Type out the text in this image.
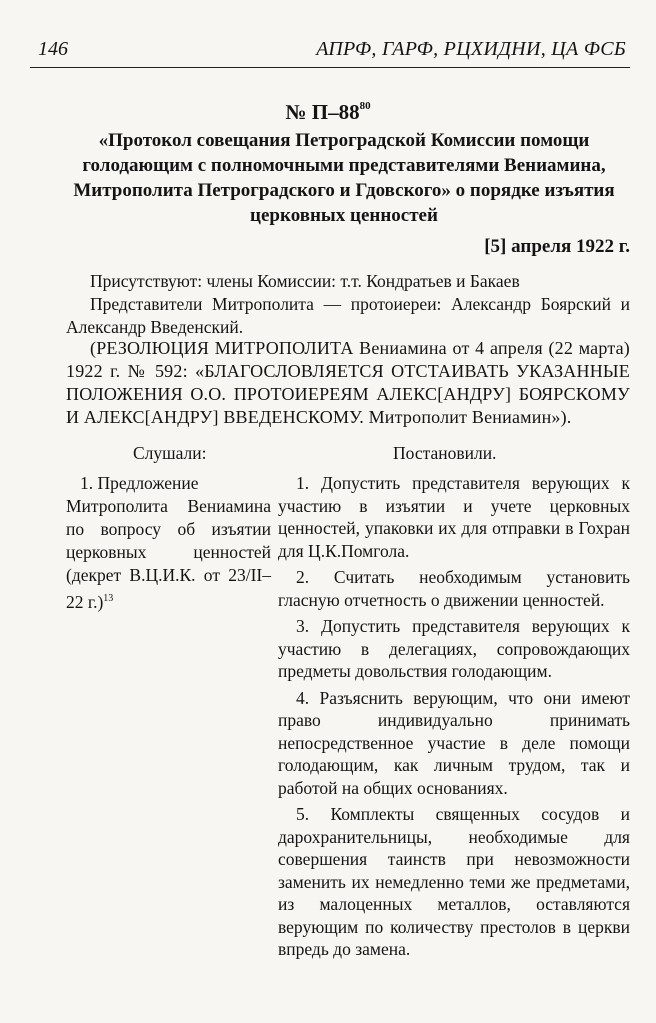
146	АПРФ, ГАРФ, РЦХИДНИ, ЦА ФСБ
№ $П-88^{80}$
«Протокол совещания Петроградской Комиссии помощи голодающим с полномочными представителями Вениамина, Митрополита Петроградского и Гдовского» о порядке изъятия церковных ценностей
[5] апреля 1922 г.
Присутствуют: члены Комиссии: т.т. Кондратьев и Бакаев
Представители Митрополита — протоиереи: Александр Боярский и Александр Введенский.
(РЕЗОЛЮЦИЯ МИТРОПОЛИТА Вениамина от 4 апреля (22 марта) 1922 г. № 592: «БЛАГОСЛОВЛЯЕТСЯ ОТСТАИВАТЬ УКАЗАННЫЕ ПОЛОЖЕНИЯ О.О. ПРОТОИЕРЕЯМ АЛЕКС[АНДРУ] БОЯРСКОМУ И АЛЕКС[АНДРУ] ВВЕДЕНСКОМУ. Митрополит Вениамин»).
Слушали:	Постановили.
1. Предложение
Митрополита Вениамина по вопросу об изъятии церковных ценностей (декрет В.Ц.И.К. от 23/II–22 г.)$^{13}$
1. Допустить представителя верующих к участию в изъятии и учете церковных ценностей, упаковки их для отправки в Гохран для Ц.К.Помгола.
2. Считать необходимым установить гласную отчетность о движении ценностей.
3. Допустить представителя верующих к участию в делегациях, сопровождающих предметы довольствия голодающим.
4. Разъяснить верующим, что они имеют право индивидуально принимать непосредственное участие в деле помощи голодающим, как личным трудом, так и работой на общих основаниях.
5. Комплекты священных сосудов и дарохранительницы, необходимые для совершения таинств при невозможности заменить их немедленно теми же предметами, из малоценных металлов, оставляются верующим по количеству престолов в церкви впредь до замена.
